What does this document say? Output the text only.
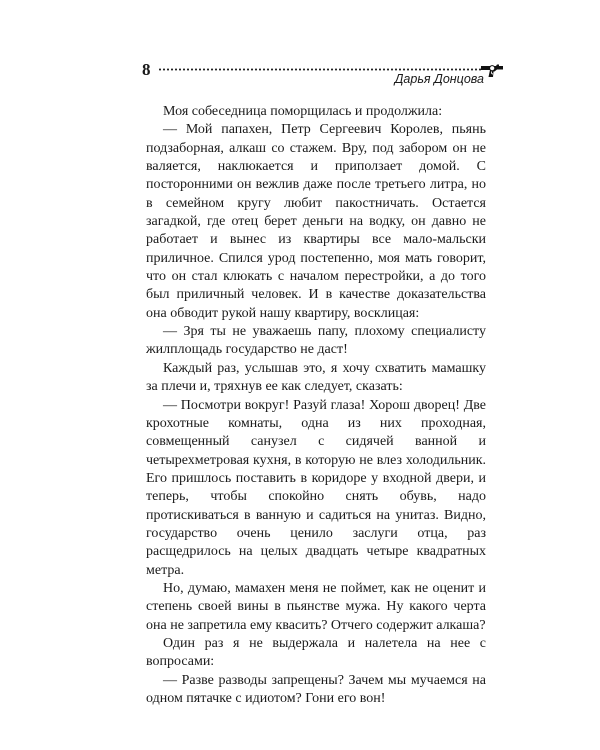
8	Дарья Донцова

Моя собеседница поморщилась и продолжила:

— Мой папахен, Петр Сергеевич Королев, пьянь подзаборная, алкаш со стажем. Вру, под забором он не валяется, наклюкается и приползает домой. С посторонними он вежлив даже после третьего литра, но в семейном кругу любит пакостничать. Остается загадкой, где отец берет деньги на водку, он давно не работает и вынес из квартиры все мало-мальски приличное. Спился урод постепенно, моя мать говорит, что он стал клюкать с началом перестройки, а до того был приличный человек. И в качестве доказательства она обводит рукой нашу квартиру, восклицая:

— Зря ты не уважаешь папу, плохому специалисту жилплощадь государство не даст!

Каждый раз, услышав это, я хочу схватить мамашку за плечи и, тряхнув ее как следует, сказать:

— Посмотри вокруг! Разуй глаза! Хорош дворец! Две крохотные комнаты, одна из них проходная, совмещенный санузел с сидячей ванной и четырехметровая кухня, в которую не влез холодильник. Его пришлось поставить в коридоре у входной двери, и теперь, чтобы спокойно снять обувь, надо протискиваться в ванную и садиться на унитаз. Видно, государство очень ценило заслуги отца, раз расщедрилось на целых двадцать четыре квадратных метра.

Но, думаю, мамахен меня не поймет, как не оценит и степень своей вины в пьянстве мужа. Ну какого черта она не запретила ему квасить? Отчего содержит алкаша?

Один раз я не выдержала и налетела на нее с вопросами:

— Разве разводы запрещены? Зачем мы мучаемся на одном пятачке с идиотом? Гони его вон!
